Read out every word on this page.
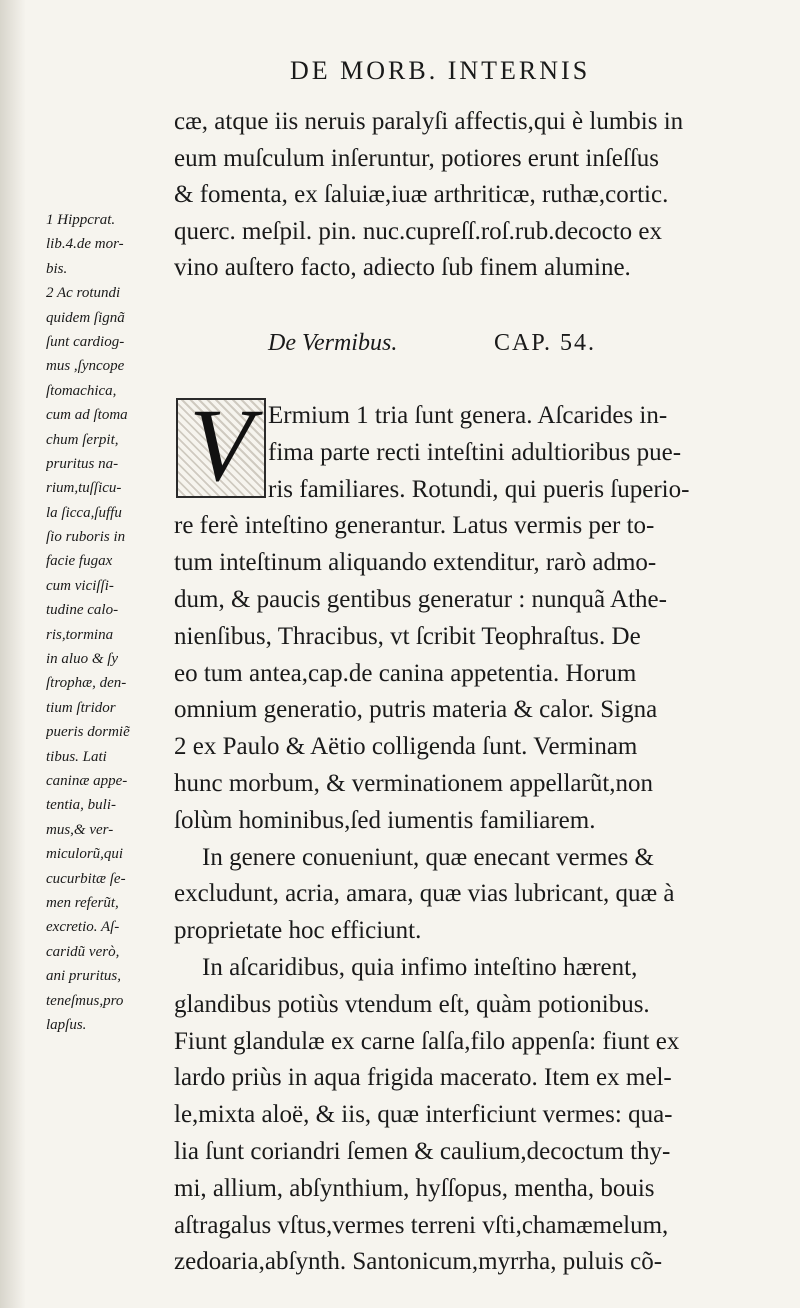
DE MORB. INTERNIS
cæ, atque iis neruis paralyſi affectis,qui è lumbis in
eum muſculum inſeruntur, potiores erunt inſeſſus
& fomenta, ex ſaluiæ,iuæ arthriticæ, ruthæ,cortic.
querc. meſpil. pin. nuc.cupreſſ.roſ.rub.decocto ex
vino auſtero facto, adiecto ſub finem alumine.
De Vermibus.	CAP. 54.
V Ermium 1 tria ſunt genera. Aſcarides in-
fima parte recti inteſtini adultioribus pue-
ris familiares. Rotundi, qui pueris ſuperio-
re ferè inteſtino generantur. Latus vermis per to-
tum inteſtinum aliquando extenditur, rarò admo-
dum, & paucis gentibus generatur : nunquã Athe-
nienſibus, Thracibus, vt ſcribit Teophraſtus. De
eo tum antea,cap.de canina appetentia. Horum
omnium generatio, putris materia & calor. Signa
2 ex Paulo & Aëtio colligenda ſunt. Verminam
hunc morbum, & verminationem appellarũt,non
ſolùm hominibus,ſed iumentis familiarem.
In genere conueniunt, quæ enecant vermes &
excludunt, acria, amara, quæ vias lubricant, quæ à
proprietate hoc efficiunt.
In aſcaridibus, quia infimo inteſtino hærent,
glandibus potiùs vtendum eſt, quàm potionibus.
Fiunt glandulæ ex carne ſalſa,filo appenſa: fiunt ex
lardo priùs in aqua frigida macerato. Item ex mel-
le,mixta aloë, & iis, quæ interficiunt vermes: qua-
lia ſunt coriandri ſemen & caulium,decoctum thy-
mi, allium, abſynthium, hyſſopus, mentha, bouis
aſtragalus vſtus,vermes terreni vſti,chamæmelum,
zedoaria,abſynth. Santonicum,myrrha, puluis cõ-
1 Hippcrat.
lib.4.de mor-
bis.
2 Ac rotundi
quidem ſignã
ſunt cardiog-
mus ,ſyncope
ſtomachica,
cum ad ſtoma
chum ſerpit,
pruritus na-
rium,tuſſicu-
la ſicca,ſuffu
ſio ruboris in
facie fugax
cum viciſſi-
tudine calo-
ris,tormina
in aluo & ſy
ſtrophæ, den-
tium ſtridor
pueris dormiẽ
tibus. Lati
caninæ appe-
tentia, buli-
mus,& ver-
miculorũ,qui
cucurbitæ ſe-
men referũt,
excretio. Aſ-
caridũ verò,
ani pruritus,
teneſmus,pro
lapſus.
